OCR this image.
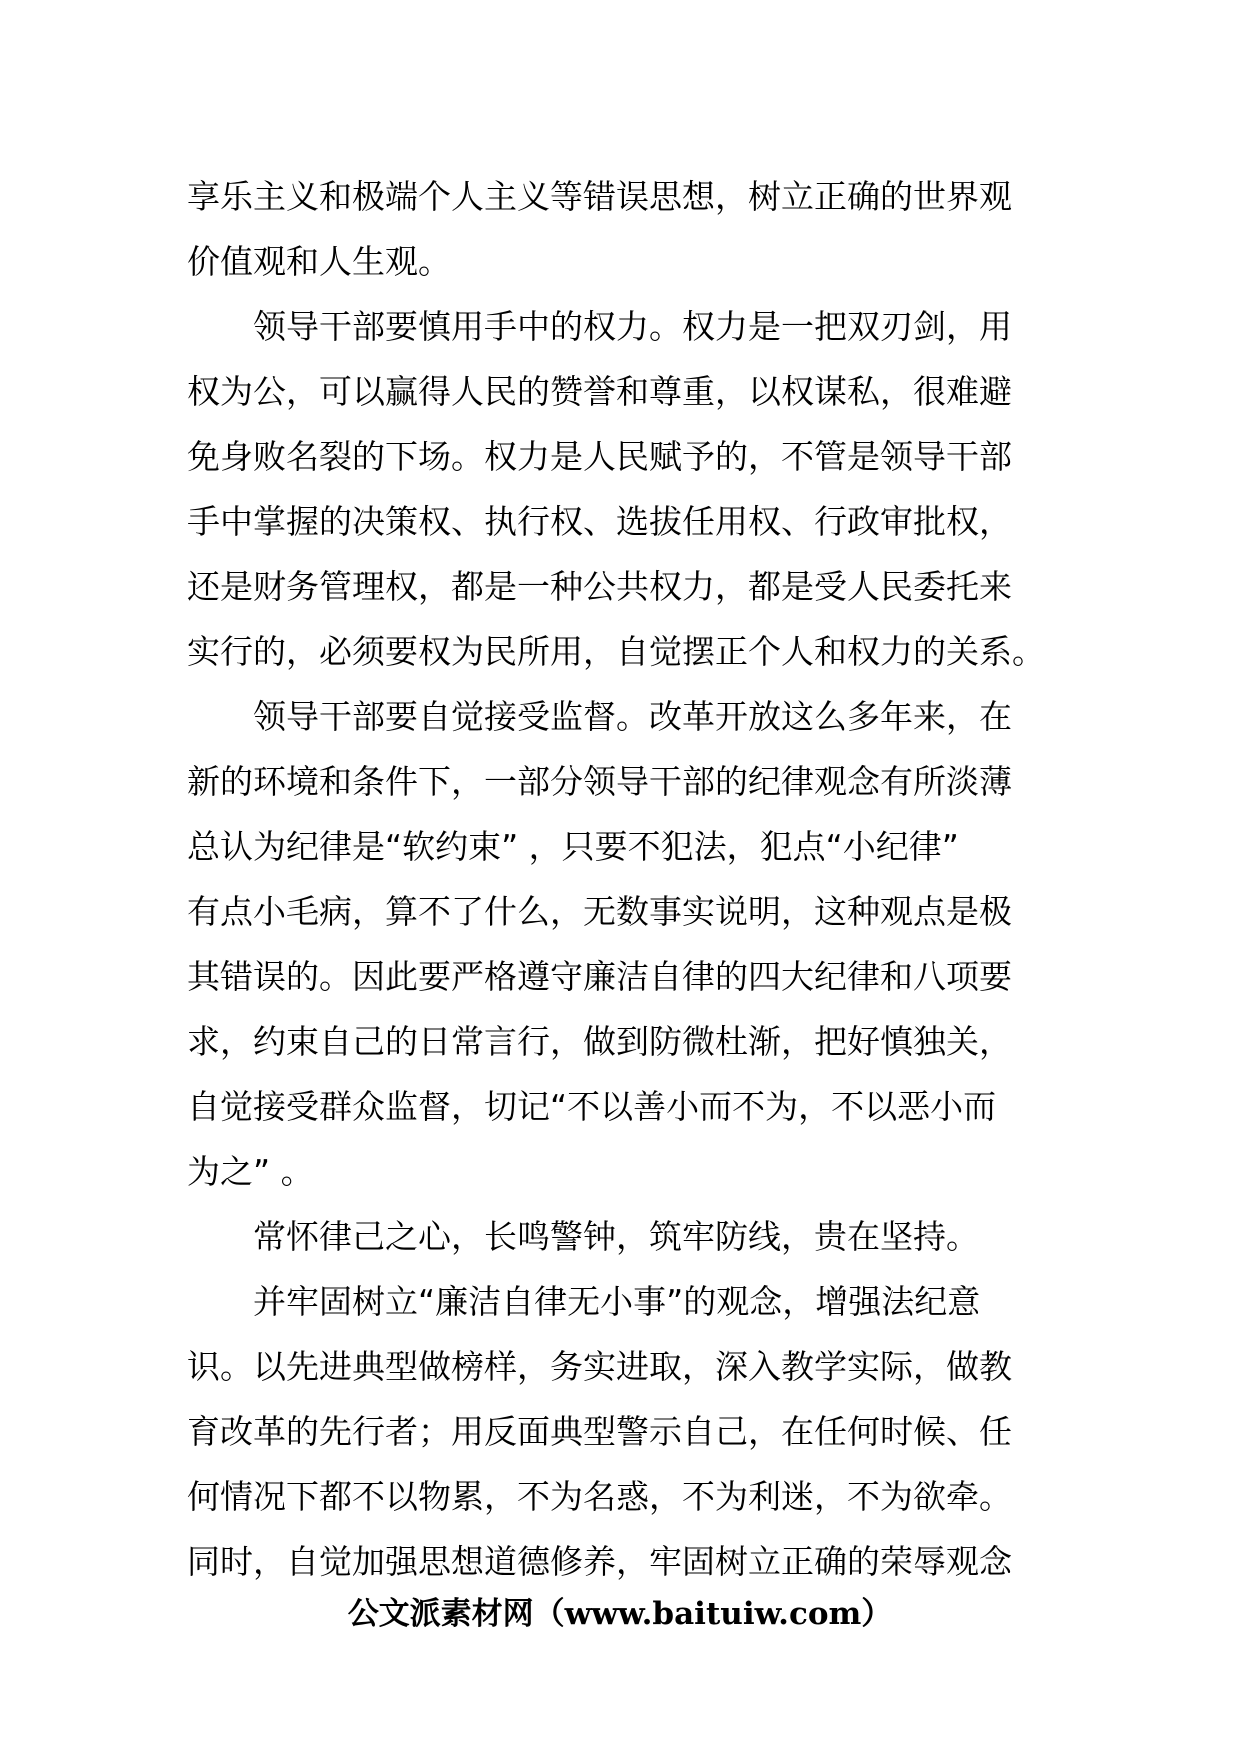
享乐主义和极端个人主义等错误思想，树立正确的世界观
价值观和人生观。
领导干部要慎用手中的权力。权力是一把双刃剑，用
权为公，可以赢得人民的赞誉和尊重，以权谋私，很难避
免身败名裂的下场。权力是人民赋予的，不管是领导干部
手中掌握的决策权、执行权、选拔任用权、行政审批权，
还是财务管理权，都是一种公共权力，都是受人民委托来
实行的，必须要权为民所用，自觉摆正个人和权力的关系。
领导干部要自觉接受监督。改革开放这么多年来，在
新的环境和条件下，一部分领导干部的纪律观念有所淡薄
总认为纪律是“软约束” ，只要不犯法，犯点“小纪律”
有点小毛病，算不了什么，无数事实说明，这种观点是极
其错误的。因此要严格遵守廉洁自律的四大纪律和八项要
求，约束自己的日常言行，做到防微杜渐，把好慎独关，
自觉接受群众监督，切记“不以善小而不为，不以恶小而
为之” 。
常怀律己之心，长鸣警钟，筑牢防线，贵在坚持。
并牢固树立“廉洁自律无小事”的观念，增强法纪意
识。以先进典型做榜样，务实进取，深入教学实际，做教
育改革的先行者；用反面典型警示自己，在任何时候、任
何情况下都不以物累，不为名惑，不为利迷，不为欲牵。
同时，自觉加强思想道德修养，牢固树立正确的荣辱观念
公文派素材网（www.baituiw.com）
